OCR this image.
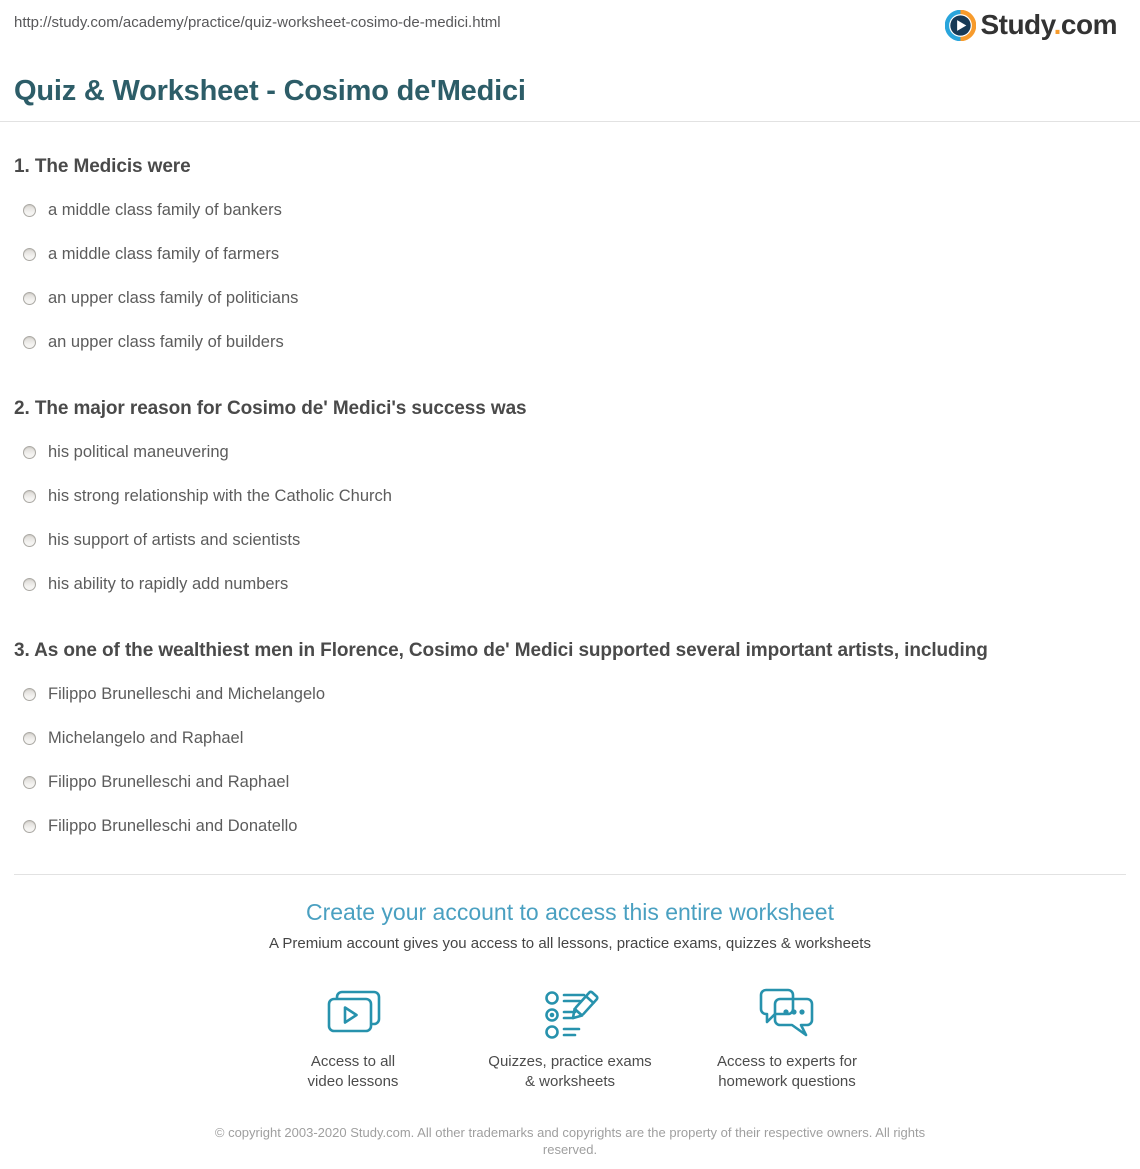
http://study.com/academy/practice/quiz-worksheet-cosimo-de-medici.html	Study.com
Quiz & Worksheet - Cosimo de'Medici
1. The Medicis were
a middle class family of bankers
a middle class family of farmers
an upper class family of politicians
an upper class family of builders
2. The major reason for Cosimo de' Medici's success was
his political maneuvering
his strong relationship with the Catholic Church
his support of artists and scientists
his ability to rapidly add numbers
3. As one of the wealthiest men in Florence, Cosimo de' Medici supported several important artists, including
Filippo Brunelleschi and Michelangelo
Michelangelo and Raphael
Filippo Brunelleschi and Raphael
Filippo Brunelleschi and Donatello
Create your account to access this entire worksheet
A Premium account gives you access to all lessons, practice exams, quizzes & worksheets
Access to all
video lessons
Quizzes, practice exams
& worksheets
Access to experts for
homework questions
© copyright 2003-2020 Study.com. All other trademarks and copyrights are the property of their respective owners. All rights reserved.
